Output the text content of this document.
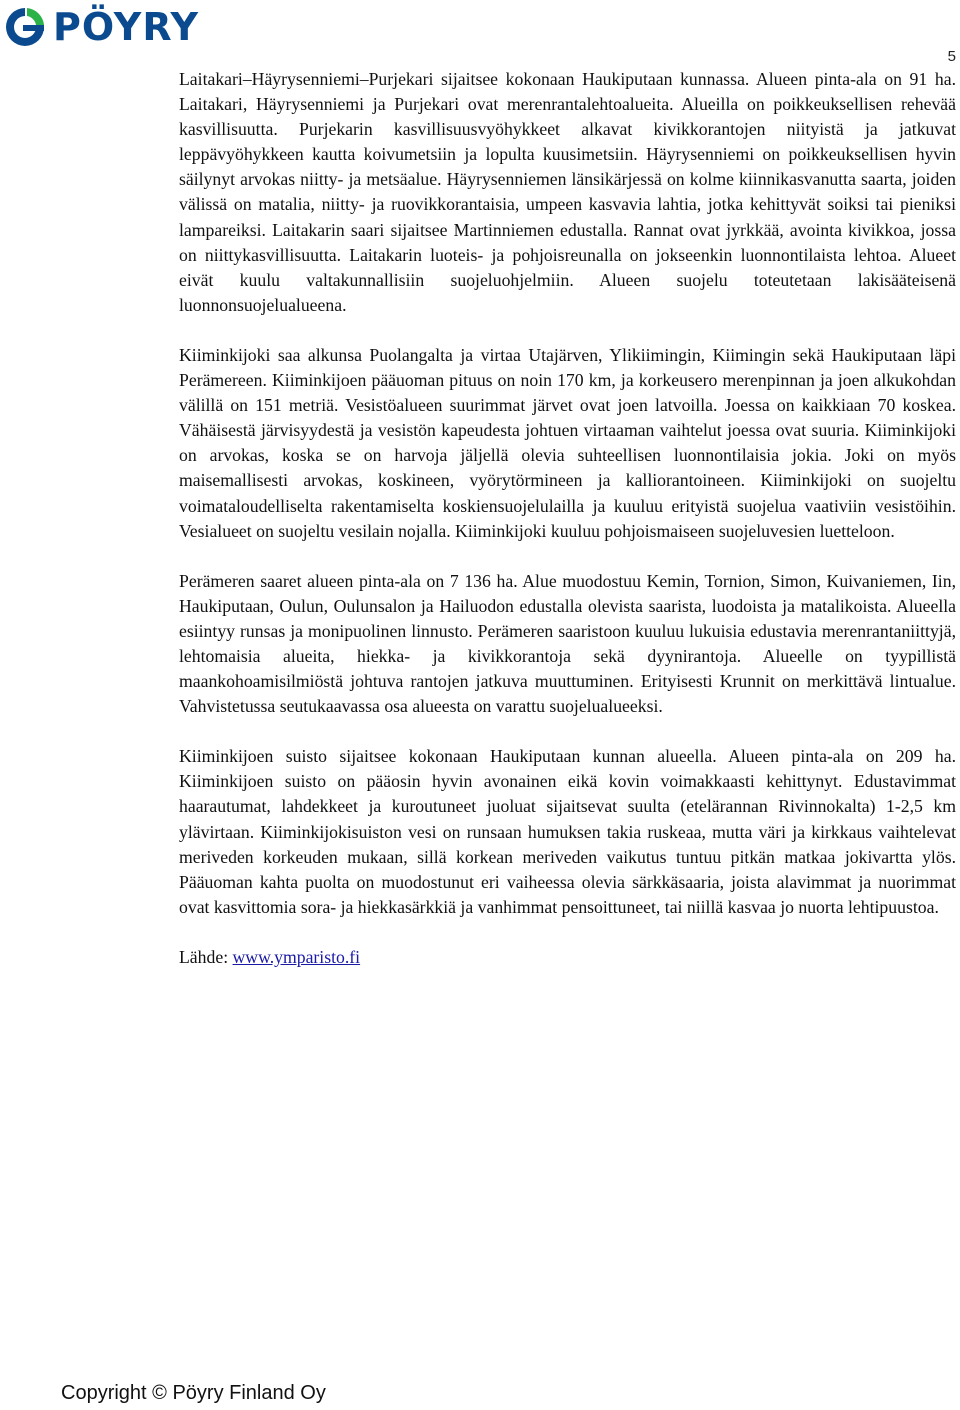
PÖYRY
5

Laitakari–Häyrysenniemi–Purjekari sijaitsee kokonaan Haukiputaan kunnassa. Alueen pinta-ala on 91 ha. Laitakari, Häyrysenniemi ja Purjekari ovat merenrantalehtoalueita. Alueilla on poikkeuksellisen rehevää kasvillisuutta. Purjekarin kasvillisuusvyöhykkeet alkavat kivikkorantojen niityistä ja jatkuvat leppävyöhykkeen kautta koivumetsiin ja lopulta kuusimetsiin. Häyrysenniemi on poikkeuksellisen hyvin säilynyt arvokas niitty- ja metsäalue. Häyrysenniemen länsikärjessä on kolme kiinnikasvanutta saarta, joiden välissä on matalia, niitty- ja ruovikkorantaisia, umpeen kasvavia lahtia, jotka kehittyvät soiksi tai pieniksi lampareiksi. Laitakarin saari sijaitsee Martinniemen edustalla. Rannat ovat jyrkkää, avointa kivikkoa, jossa on niittykasvillisuutta. Laitakarin luoteis- ja pohjoisreunalla on jokseenkin luonnontilaista lehtoa. Alueet eivät kuulu valtakunnallisiin suojeluohjelmiin. Alueen suojelu toteutetaan lakisääteisenä luonnonsuojelualueena.

Kiiminkijoki saa alkunsa Puolangalta ja virtaa Utajärven, Ylikiimingin, Kiimingin sekä Haukiputaan läpi Perämereen. Kiiminkijoen pääuoman pituus on noin 170 km, ja korkeusero merenpinnan ja joen alkukohdan välillä on 151 metriä. Vesistöalueen suurimmat järvet ovat joen latvoilla. Joessa on kaikkiaan 70 koskea. Vähäisestä järvisyydestä ja vesistön kapeudesta johtuen virtaaman vaihtelut joessa ovat suuria. Kiiminkijoki on arvokas, koska se on harvoja jäljellä olevia suhteellisen luonnontilaisia jokia. Joki on myös maisemallisesti arvokas, koskineen, vyörytörmineen ja kalliorantoineen. Kiiminkijoki on suojeltu voimataloudelliselta rakentamiselta koskiensuojelulailla ja kuuluu erityistä suojelua vaativiin vesistöihin. Vesialueet on suojeltu vesilain nojalla. Kiiminkijoki kuuluu pohjoismaiseen suojeluvesien luetteloon.

Perämeren saaret alueen pinta-ala on 7 136 ha. Alue muodostuu Kemin, Tornion, Simon, Kuivaniemen, Iin, Haukiputaan, Oulun, Oulunsalon ja Hailuodon edustalla olevista saarista, luodoista ja matalikoista. Alueella esiintyy runsas ja monipuolinen linnusto. Perämeren saaristoon kuuluu lukuisia edustavia merenrantaniittyjä, lehtomaisia alueita, hiekka- ja kivikkorantoja sekä dyynirantoja. Alueelle on tyypillistä maankohoamisilmiöstä johtuva rantojen jatkuva muuttuminen. Erityisesti Krunnit on merkittävä lintualue. Vahvistetussa seutukaavassa osa alueesta on varattu suojelualueeksi.

Kiiminkijoen suisto sijaitsee kokonaan Haukiputaan kunnan alueella. Alueen pinta-ala on 209 ha. Kiiminkijoen suisto on pääosin hyvin avonainen eikä kovin voimakkaasti kehittynyt. Edustavimmat haarautumat, lahdekkeet ja kuroutuneet juoluat sijaitsevat suulta (etelärannan Rivinnokalta) 1-2,5 km ylävirtaan. Kiiminkijokisuiston vesi on runsaan humuksen takia ruskeaa, mutta väri ja kirkkaus vaihtelevat meriveden korkeuden mukaan, sillä korkean meriveden vaikutus tuntuu pitkän matkaa jokivartta ylös. Pääuoman kahta puolta on muodostunut eri vaiheessa olevia särkkäsaaria, joista alavimmat ja nuorimmat ovat kasvittomia sora- ja hiekkasärkkiä ja vanhimmat pensoittuneet, tai niillä kasvaa jo nuorta lehtipuustoa.

Lähde: www.ymparisto.fi

Copyright © Pöyry Finland Oy
